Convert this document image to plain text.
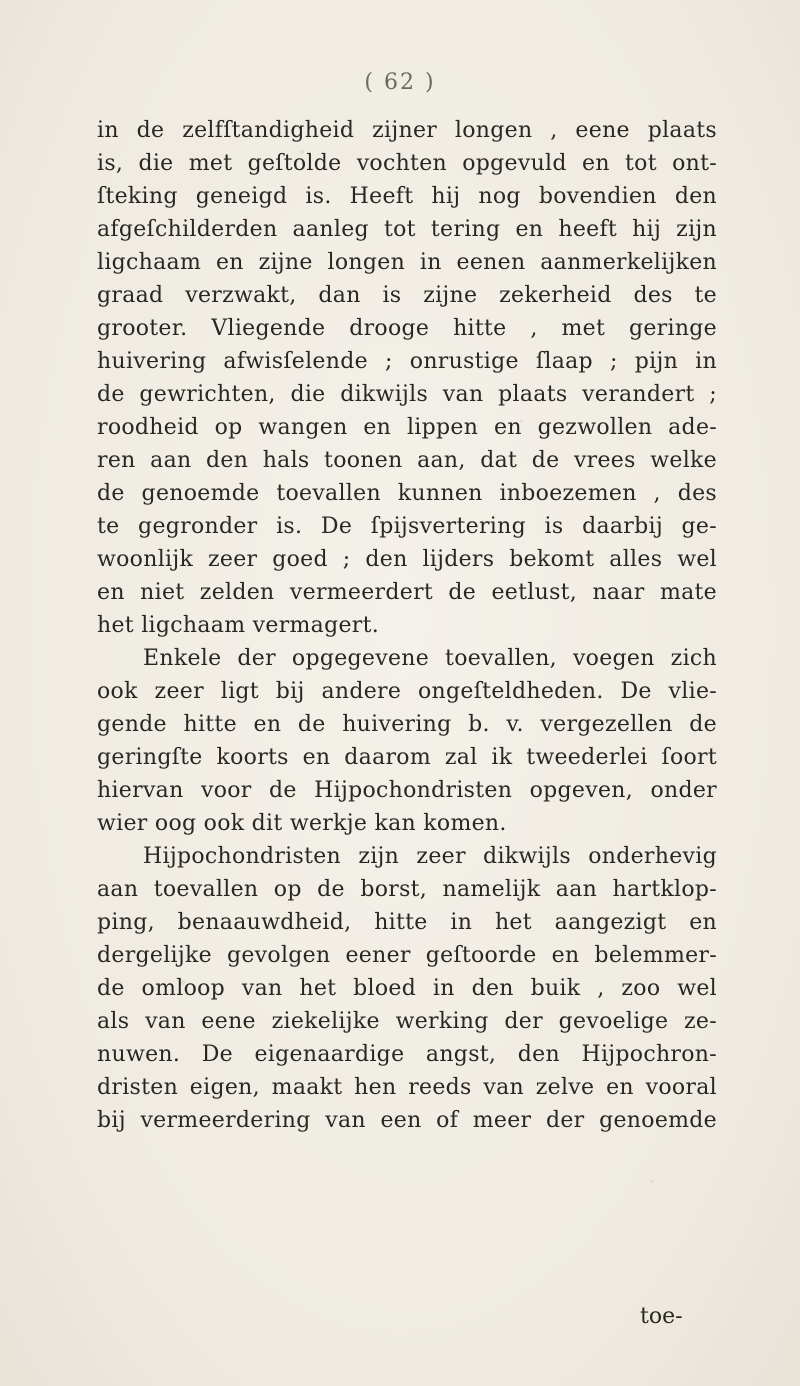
( 62 )
in de zelfſtandigheid zijner longen , eene plaats
is, die met geſtolde vochten opgevuld en tot ont-
ſteking geneigd is. Heeft hij nog bovendien den
afgeſchilderden aanleg tot tering en heeft hij zijn
ligchaam en zijne longen in eenen aanmerkelijken
graad verzwakt, dan is zijne zekerheid des te
grooter. Vliegende drooge hitte , met geringe
huivering afwisſelende ; onrustige ſlaap ; pijn in
de gewrichten, die dikwijls van plaats verandert ;
roodheid op wangen en lippen en gezwollen ade-
ren aan den hals toonen aan, dat de vrees welke
de genoemde toevallen kunnen inboezemen , des
te gegronder is. De ſpijsvertering is daarbij ge-
woonlijk zeer goed ; den lijders bekomt alles wel
en niet zelden vermeerdert de eetlust, naar mate
het ligchaam vermagert.
Enkele der opgegevene toevallen, voegen zich
ook zeer ligt bij andere ongeſteldheden. De vlie-
gende hitte en de huivering b. v. vergezellen de
geringſte koorts en daarom zal ik tweederlei ſoort
hiervan voor de Hijpochondristen opgeven, onder
wier oog ook dit werkje kan komen.
Hijpochondristen zijn zeer dikwijls onderhevig
aan toevallen op de borst, namelijk aan hartklop-
ping, benaauwdheid, hitte in het aangezigt en
dergelijke gevolgen eener geſtoorde en belemmer-
de omloop van het bloed in den buik , zoo wel
als van eene ziekelijke werking der gevoelige ze-
nuwen. De eigenaardige angst, den Hijpochron-
dristen eigen, maakt hen reeds van zelve en vooral
bij vermeerdering van een of meer der genoemde
toe-
